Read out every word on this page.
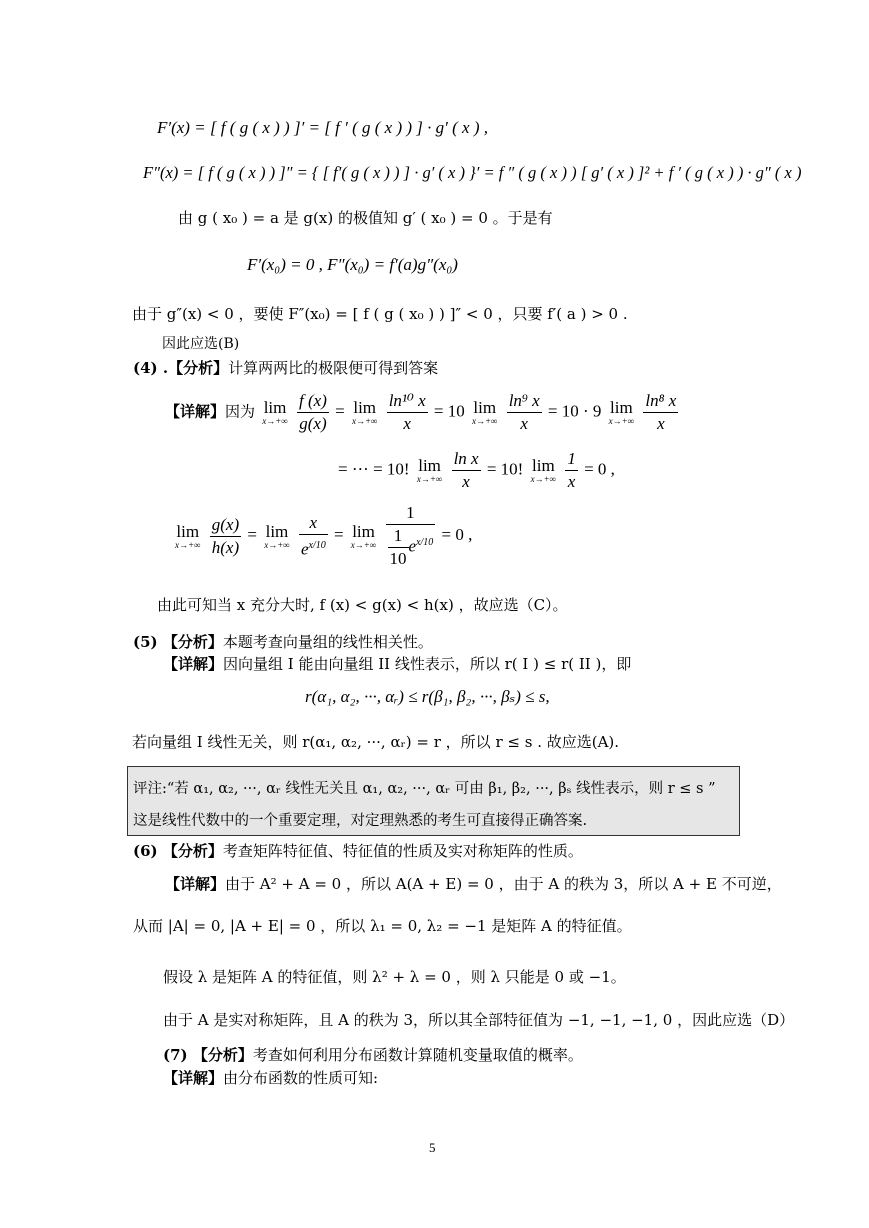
F′(x) = [ f ( g ( x ) ) ]′ = [ f ′ ( g ( x ) ) ] · g′ ( x ) ,
F″(x) = [ f ( g ( x ) ) ]″ = { [ f′( g ( x ) ) ] · g′ ( x ) }′ = f ″ ( g ( x ) ) [ g′ ( x ) ]² + f ′ ( g ( x ) ) · g″ ( x )
由 g ( x₀ ) = a 是 g(x) 的极值知 g′ ( x₀ ) = 0 。于是有
F′(x₀) = 0 , F″(x₀) = f′(a)g″(x₀)
由于 g″(x) < 0 ，要使 F″(x₀) = [ f ( g ( x₀ ) ) ]″ < 0 ，只要 f′( a ) > 0 .
因此应选(B)
(4) .【分析】计算两两比的极限便可得到答案
【详解】因为 lim
x→+∞
$\frac{f (x)}{g(x)} = \lim$
x→+∞
$\frac{\text{ln¹⁰ x}}{x} = 10$ lim
x→+∞
$\frac{\text{ln⁹ x}}{x} = 10 \cdot 9$ lim
x→+∞
$\frac{\text{ln⁸ x}}{x}$
= ··· = 10! lim
x→+∞
$\frac{\text{ln x}}{x} = 10$! lim
x→+∞
$\frac{1}{x} = 0$ ,
lim
x→+∞
$\frac{g(x)}{h(x)} = \lim$
x→+∞
$\frac{x}{e^{x/10}} = \lim$
x→+∞
$\frac{1}{\frac{1}{10} e^{x/10}} = 0$ ,
由此可知当 x 充分大时, f (x) < g(x) < h(x) ，故应选（C）。
(5) 【分析】本题考查向量组的线性相关性。
【详解】因向量组 I 能由向量组 II 线性表示，所以 r( I ) ≤ r( II )，即
r(α₁, α₂, ···, αᵣ) ≤ r(β₁, β₂, ···, βₛ) ≤ s,
若向量组 I 线性无关，则 r(α₁, α₂, ···, αᵣ) = r ，所以 r ≤ s . 故应选(A).
评注:“若 α₁, α₂, ···, αᵣ 线性无关且 α₁, α₂, ···, αᵣ 可由 β₁, β₂, ···, βₛ 线性表示，则 r ≤ s ”
这是线性代数中的一个重要定理，对定理熟悉的考生可直接得正确答案.
(6) 【分析】考查矩阵特征值、特征值的性质及实对称矩阵的性质。
【详解】由于 A² + A = 0 ，所以 A(A + E) = 0 ，由于 A 的秩为 3，所以 A + E 不可逆，
从而 |A| = 0, |A + E| = 0 ，所以 λ₁ = 0, λ₂ = −1 是矩阵 A 的特征值。
假设 λ 是矩阵 A 的特征值，则 λ² + λ = 0 ，则 λ 只能是 0 或 −1。
由于 A 是实对称矩阵，且 A 的秩为 3，所以其全部特征值为 −1, −1, −1, 0 ，因此应选（D）
(7) 【分析】考查如何利用分布函数计算随机变量取值的概率。
【详解】由分布函数的性质可知:
5
